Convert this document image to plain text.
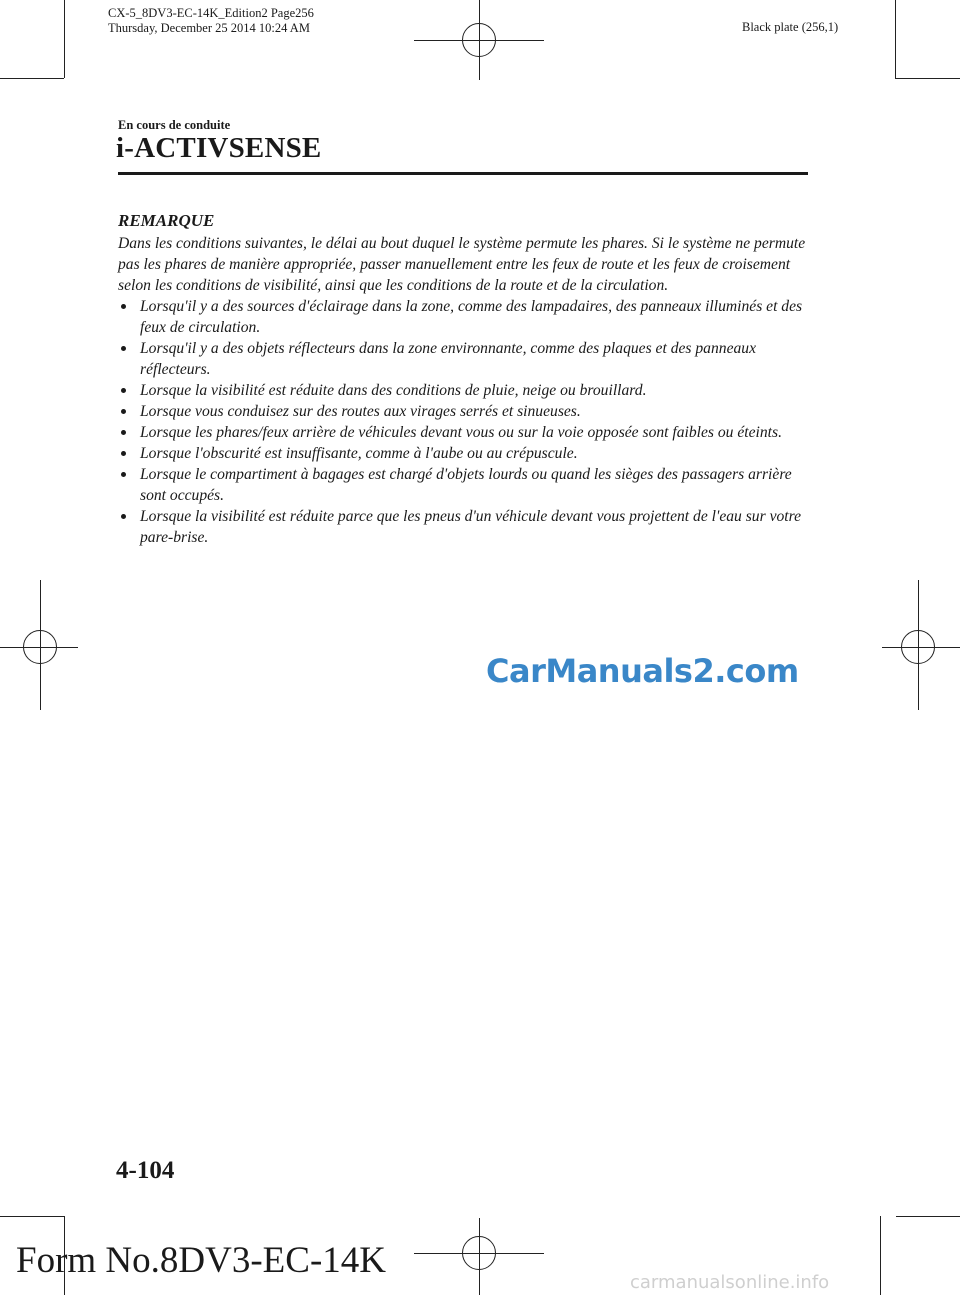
CX-5_8DV3-EC-14K_Edition2 Page256
Thursday, December 25 2014 10:24 AM	Black plate (256,1)
En cours de conduite
i-ACTIVSENSE
REMARQUE

Dans les conditions suivantes, le délai au bout duquel le système permute les phares. Si le système ne permute pas les phares de manière appropriée, passer manuellement entre les feux de route et les feux de croisement selon les conditions de visibilité, ainsi que les conditions de la route et de la circulation.

Lorsqu'il y a des sources d'éclairage dans la zone, comme des lampadaires, des panneaux illuminés et des feux de circulation.
Lorsqu'il y a des objets réflecteurs dans la zone environnante, comme des plaques et des panneaux réflecteurs.
Lorsque la visibilité est réduite dans des conditions de pluie, neige ou brouillard.
Lorsque vous conduisez sur des routes aux virages serrés et sinueuses.
Lorsque les phares/feux arrière de véhicules devant vous ou sur la voie opposée sont faibles ou éteints.
Lorsque l'obscurité est insuffisante, comme à l'aube ou au crépuscule.
Lorsque le compartiment à bagages est chargé d'objets lourds ou quand les sièges des passagers arrière sont occupés.
Lorsque la visibilité est réduite parce que les pneus d'un véhicule devant vous projettent de l'eau sur votre pare-brise.
CarManuals2.com
4-104
Form No.8DV3-EC-14K
carmanualsonline.info
